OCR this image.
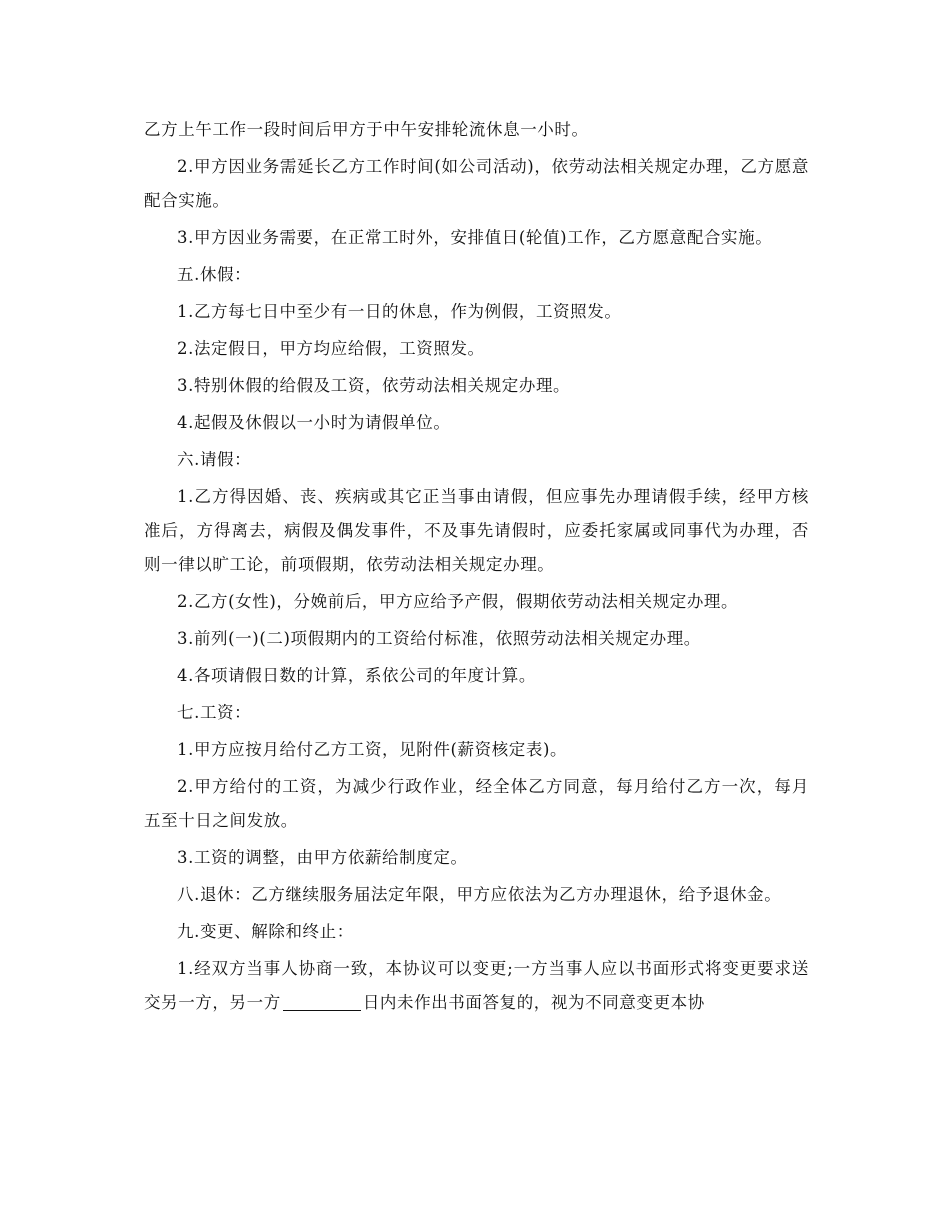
乙方上午工作一段时间后甲方于中午安排轮流休息一小时。

2.甲方因业务需延长乙方工作时间(如公司活动)，依劳动法相关规定办理，乙方愿意配合实施。

3.甲方因业务需要，在正常工时外，安排值日(轮值)工作，乙方愿意配合实施。

五.休假：

1.乙方每七日中至少有一日的休息，作为例假，工资照发。

2.法定假日，甲方均应给假，工资照发。

3.特别休假的给假及工资，依劳动法相关规定办理。

4.起假及休假以一小时为请假单位。

六.请假：

1.乙方得因婚、丧、疾病或其它正当事由请假，但应事先办理请假手续，经甲方核准后，方得离去，病假及偶发事件，不及事先请假时，应委托家属或同事代为办理，否则一律以旷工论，前项假期，依劳动法相关规定办理。

2.乙方(女性)，分娩前后，甲方应给予产假，假期依劳动法相关规定办理。

3.前列(一)(二)项假期内的工资给付标准，依照劳动法相关规定办理。

4.各项请假日数的计算，系依公司的年度计算。

七.工资：

1.甲方应按月给付乙方工资，见附件(薪资核定表)。

2.甲方给付的工资，为减少行政作业，经全体乙方同意，每月给付乙方一次，每月五至十日之间发放。

3.工资的调整，由甲方依薪给制度定。

八.退休：乙方继续服务届法定年限，甲方应依法为乙方办理退休，给予退休金。

九.变更、解除和终止：

1.经双方当事人协商一致，本协议可以变更;一方当事人应以书面形式将变更要求送交另一方，另一方	日内未作出书面答复的，视为不同意变更本协
